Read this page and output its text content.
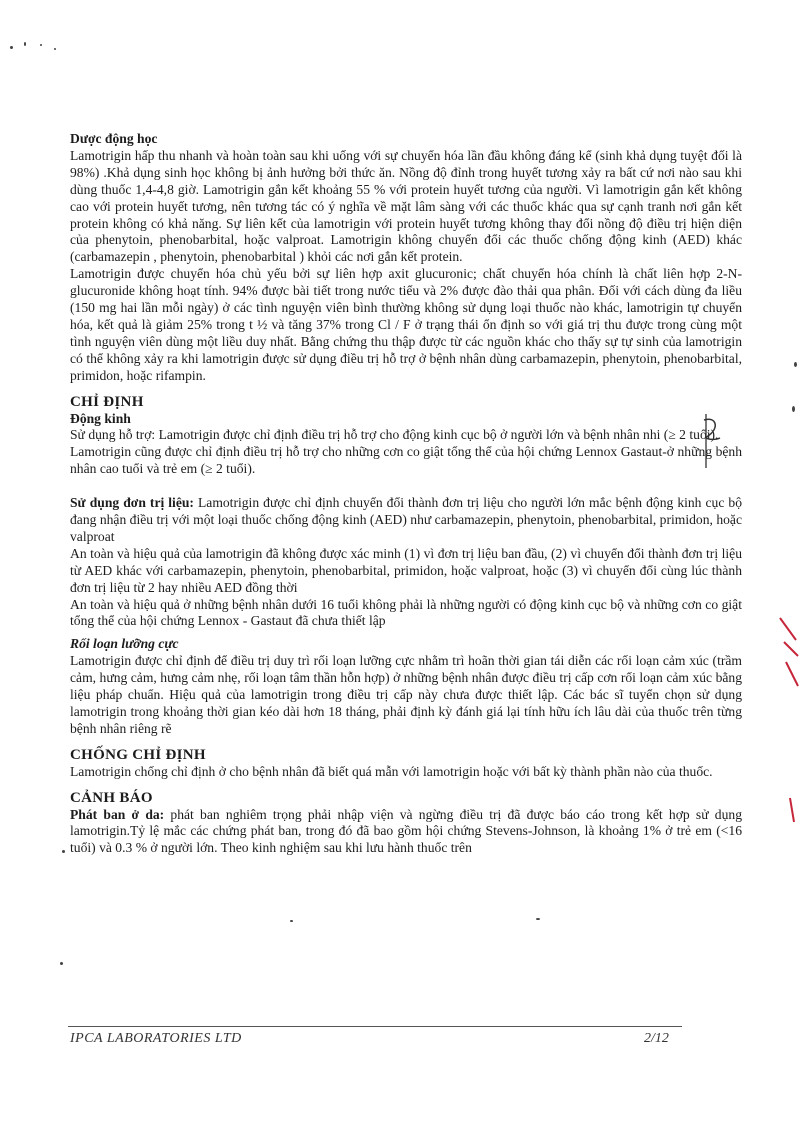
Dược động học

Lamotrigin hấp thu nhanh và hoàn toàn sau khi uống với sự chuyển hóa lần đầu không đáng kể (sinh khả dụng tuyệt đối là 98%) .Khả dụng sinh học không bị ảnh hưởng bởi thức ăn. Nồng độ đỉnh trong huyết tương xảy ra bất cứ nơi nào sau khi dùng thuốc 1,4-4,8 giờ. Lamotrigin gắn kết khoảng 55 % với protein huyết tương của người. Vì lamotrigin gắn kết không cao với protein huyết tương, nên tương tác có ý nghĩa về mặt lâm sàng với các thuốc khác qua sự cạnh tranh nơi gắn kết protein không có khả năng. Sự liên kết của lamotrigin với protein huyết tương không thay đổi nồng độ điều trị hiện diện của phenytoin, phenobarbital, hoặc valproat. Lamotrigin không chuyển đổi các thuốc chống động kinh (AED) khác (carbamazepin , phenytoin, phenobarbital ) khỏi các nơi gắn kết protein.

Lamotrigin được chuyển hóa chủ yếu bởi sự liên hợp axit glucuronic; chất chuyển hóa chính là chất liên hợp 2-N-glucuronide không hoạt tính. 94% được bài tiết trong nước tiểu và 2% được đào thải qua phân. Đối với cách dùng đa liều (150 mg hai lần mỗi ngày) ở các tình nguyện viên bình thường không sử dụng loại thuốc nào khác, lamotrigin tự chuyển hóa, kết quả là giảm 25% trong t ½ và tăng 37% trong Cl / F ở trạng thái ổn định so với giá trị thu được trong cùng một tình nguyện viên dùng một liều duy nhất. Bằng chứng thu thập được từ các nguồn khác cho thấy sự tự sinh của lamotrigin có thể không xảy ra khi lamotrigin được sử dụng điều trị hỗ trợ ở bệnh nhân dùng carbamazepin, phenytoin, phenobarbital, primidon, hoặc rifampin.

CHỈ ĐỊNH
Động kinh

Sử dụng hỗ trợ: Lamotrigin được chỉ định điều trị hỗ trợ cho động kinh cục bộ ở người lớn và bệnh nhân nhi (≥ 2 tuổi).

Lamotrigin cũng được chỉ định điều trị hỗ trợ cho những cơn co giật tổng thể của hội chứng Lennox Gastaut-ở những bệnh nhân cao tuổi và trẻ em (≥ 2 tuổi).

Sử dụng đơn trị liệu: Lamotrigin được chỉ định chuyển đổi thành đơn trị liệu cho người lớn mắc bệnh động kinh cục bộ đang nhận điều trị với một loại thuốc chống động kinh (AED) như carbamazepin, phenytoin, phenobarbital, primidon, hoặc valproat

An toàn và hiệu quả của lamotrigin đã không được xác minh (1) vì đơn trị liệu ban đầu, (2) vì chuyển đổi thành đơn trị liệu từ AED khác với carbamazepin, phenytoin, phenobarbital, primidon, hoặc valproat, hoặc (3) vì chuyển đổi cùng lúc thành đơn trị liệu từ 2 hay nhiều AED đồng thời

An toàn và hiệu quả ở những bệnh nhân dưới 16 tuổi không phải là những người có động kinh cục bộ và những cơn co giật tổng thể của hội chứng Lennox - Gastaut đã chưa thiết lập

Rối loạn lưỡng cực

Lamotrigin được chỉ định để điều trị duy trì rối loạn lưỡng cực nhằm trì hoãn thời gian tái diễn các rối loạn cảm xúc (trầm cảm, hưng cảm, hưng cảm nhẹ, rối loạn tâm thần hỗn hợp) ở những bệnh nhân được điều trị cấp cơn rối loạn cảm xúc bằng liệu pháp chuẩn. Hiệu quả của lamotrigin trong điều trị cấp này chưa được thiết lập. Các bác sĩ tuyển chọn sử dụng lamotrigin trong khoảng thời gian kéo dài hơn 18 tháng, phải định kỳ đánh giá lại tính hữu ích lâu dài của thuốc trên từng bệnh nhân riêng rẽ

CHỐNG CHỈ ĐỊNH

Lamotrigin chống chỉ định ở cho bệnh nhân đã biết quá mẫn với lamotrigin hoặc với bất kỳ thành phần nào của thuốc.

CẢNH BÁO

Phát ban ở da: phát ban nghiêm trọng phải nhập viện và ngừng điều trị đã được báo cáo trong kết hợp sử dụng lamotrigin.Tỷ lệ mắc các chứng phát ban, trong đó đã bao gồm hội chứng Stevens-Johnson, là khoảng 1% ở trẻ em (<16 tuổi) và 0.3 % ở người lớn. Theo kinh nghiệm sau khi lưu hành thuốc trên

IPCA LABORATORIES LTD	2/12
